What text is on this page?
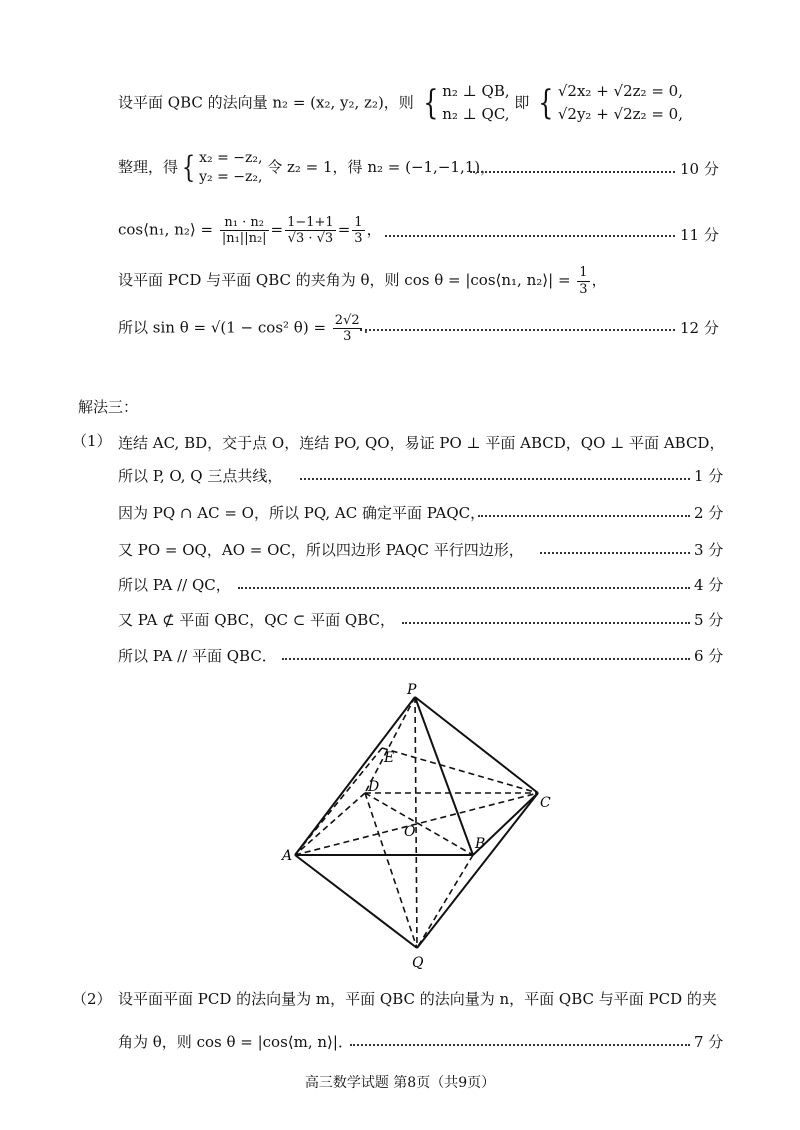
设平面 QBC 的法向量 n₂ = (x₂, y₂, z₂)，则 { n₂ ⊥ QB,
n₂ ⊥ QC, 即 { √2x₂ + √2z₂ = 0,
√2y₂ + √2z₂ = 0,
整理，得 { x₂ = −z₂,
y₂ = −z₂, 令 z₂ = 1，得 n₂ = (−1,−1,1)，	10 分
cos⟨n₁, n₂⟩ = $\frac{\text{n₁ · n₂}}{\text{|n₁||n₂|}} = \frac{1-1+1}{√3 \cdot √3} = \frac{1}{3}$ ，	11 分
设平面 PCD 与平面 QBC 的夹角为 θ，则 cos θ = |cos⟨n₁, n₂⟩| = $\frac{1}{3}$ ，
所以 sin θ = √(1 − cos² $\theta) = \frac{2√2}{3}$ ．	12 分
解法三：
（1） 连结 AC, BD，交于点 O，连结 PO, QO，易证 PO ⊥ 平面 ABCD，QO ⊥ 平面 ABCD，
所以 P, O, Q 三点共线，	1 分
因为 PQ ∩ AC = O，所以 PQ, AC 确定平面 PAQC，	2 分
又 PO = OQ，AO = OC，所以四边形 PAQC 平行四边形，	3 分
所以 PA // QC，	4 分
又 PA ⊄ 平面 QBC，QC ⊂ 平面 QBC，	5 分
所以 PA // 平面 QBC．	6 分
P
A
B
C
D
E
O
Q
（2） 设平面平面 PCD 的法向量为 m，平面 QBC 的法向量为 n，平面 QBC 与平面 PCD 的夹
角为 θ，则 cos θ = |cos⟨m, n⟩|．	7 分
高三数学试题 第8页（共9页）
